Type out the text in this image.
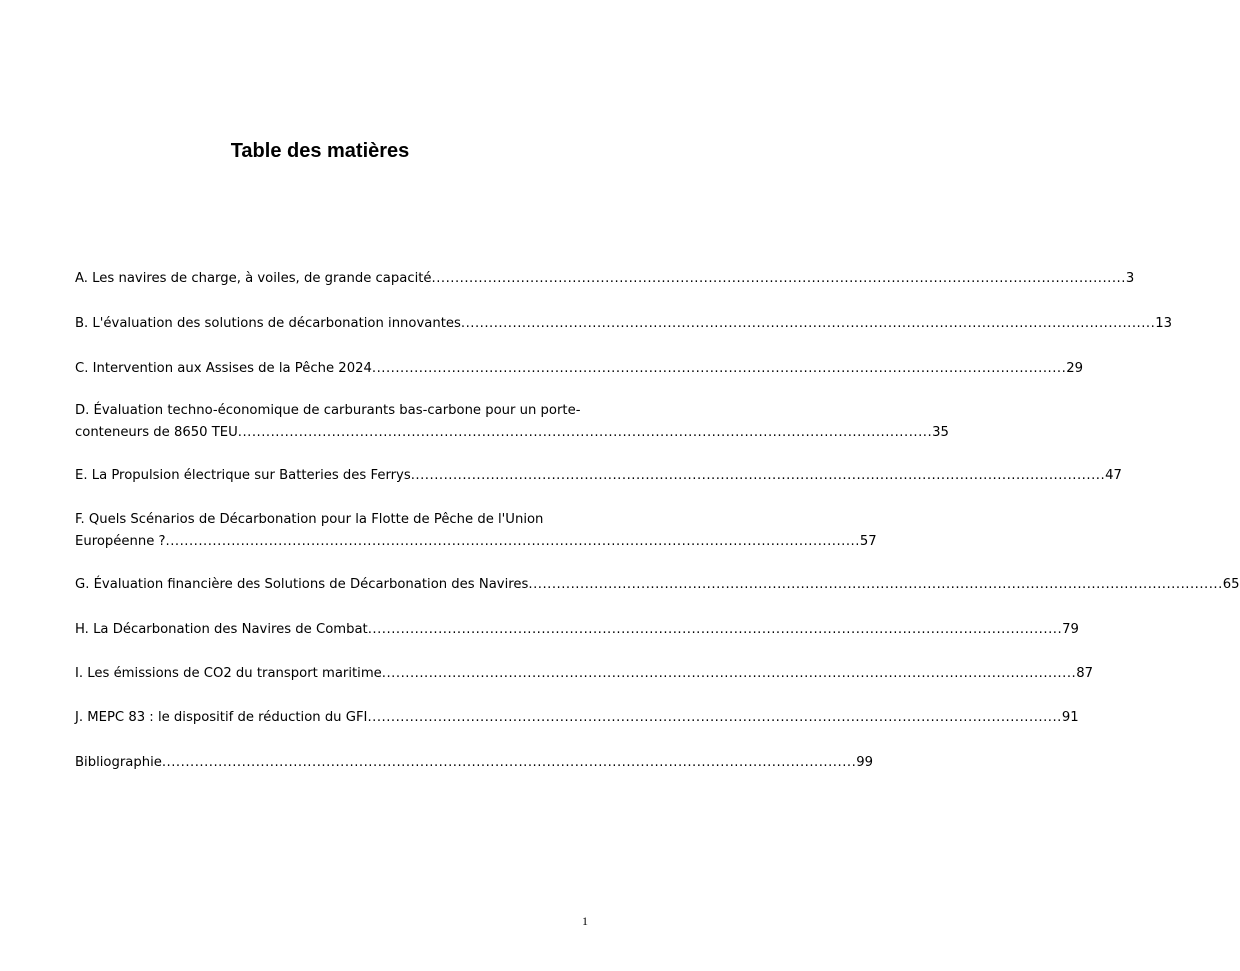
Table des matières
A. Les navires de charge, à voiles, de grande capacité .................................................................................................................................................... 3
B. L'évaluation des solutions de décarbonation innovantes .................................................................................................................................................... 13
C. Intervention aux Assises de la Pêche 2024 .................................................................................................................................................... 29
D. Évaluation techno-économique de carburants bas-carbone pour un porte-
conteneurs de 8650 TEU .................................................................................................................................................... 35
E. La Propulsion électrique sur Batteries des Ferrys .................................................................................................................................................... 47
F. Quels Scénarios de Décarbonation pour la Flotte de Pêche de l'Union
Européenne ? .................................................................................................................................................... 57
G. Évaluation financière des Solutions de Décarbonation des Navires .................................................................................................................................................... 65
H. La Décarbonation des Navires de Combat .................................................................................................................................................... 79
I. Les émissions de CO2 du transport maritime .................................................................................................................................................... 87
J. MEPC 83 : le dispositif de réduction du GFI .................................................................................................................................................... 91
Bibliographie .................................................................................................................................................... 99
1
